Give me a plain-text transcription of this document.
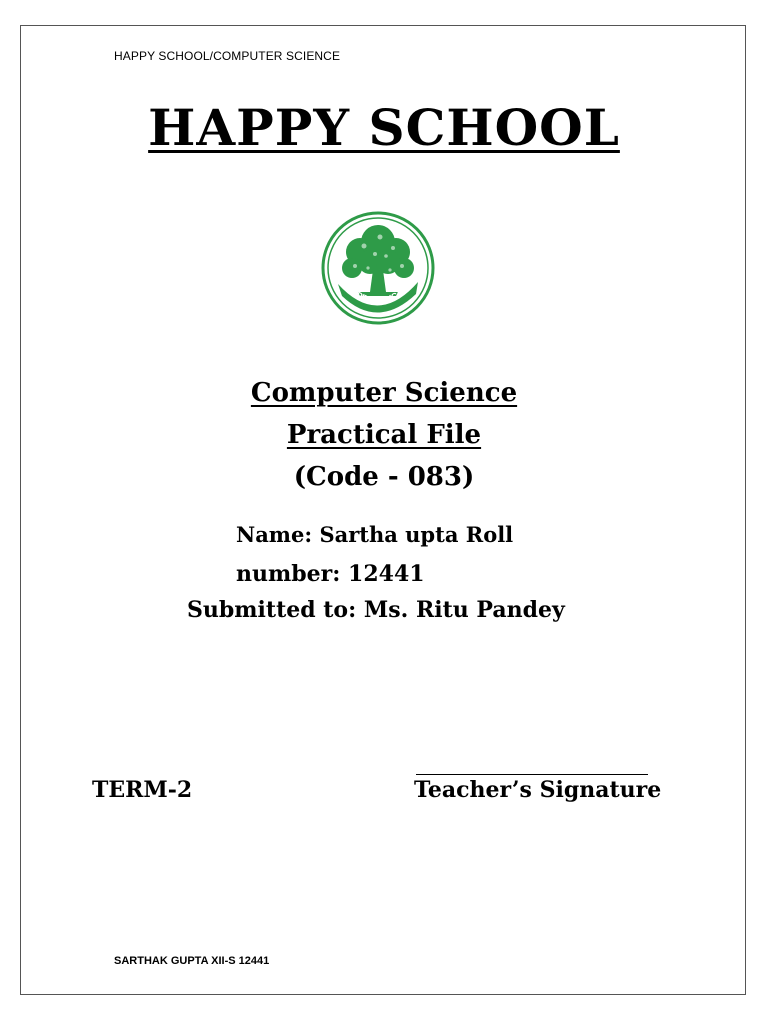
HAPPY SCHOOL/COMPUTER SCIENCE
HAPPY SCHOOL
HAPPY EDUCATIO
Computer Science
Practical File
(Code - 083)
Name: Sartha upta Roll
number: 12441
Submitted to: Ms. Ritu Pandey
TERM-2	Teacher’s Signature
SARTHAK GUPTA XII-S 12441
